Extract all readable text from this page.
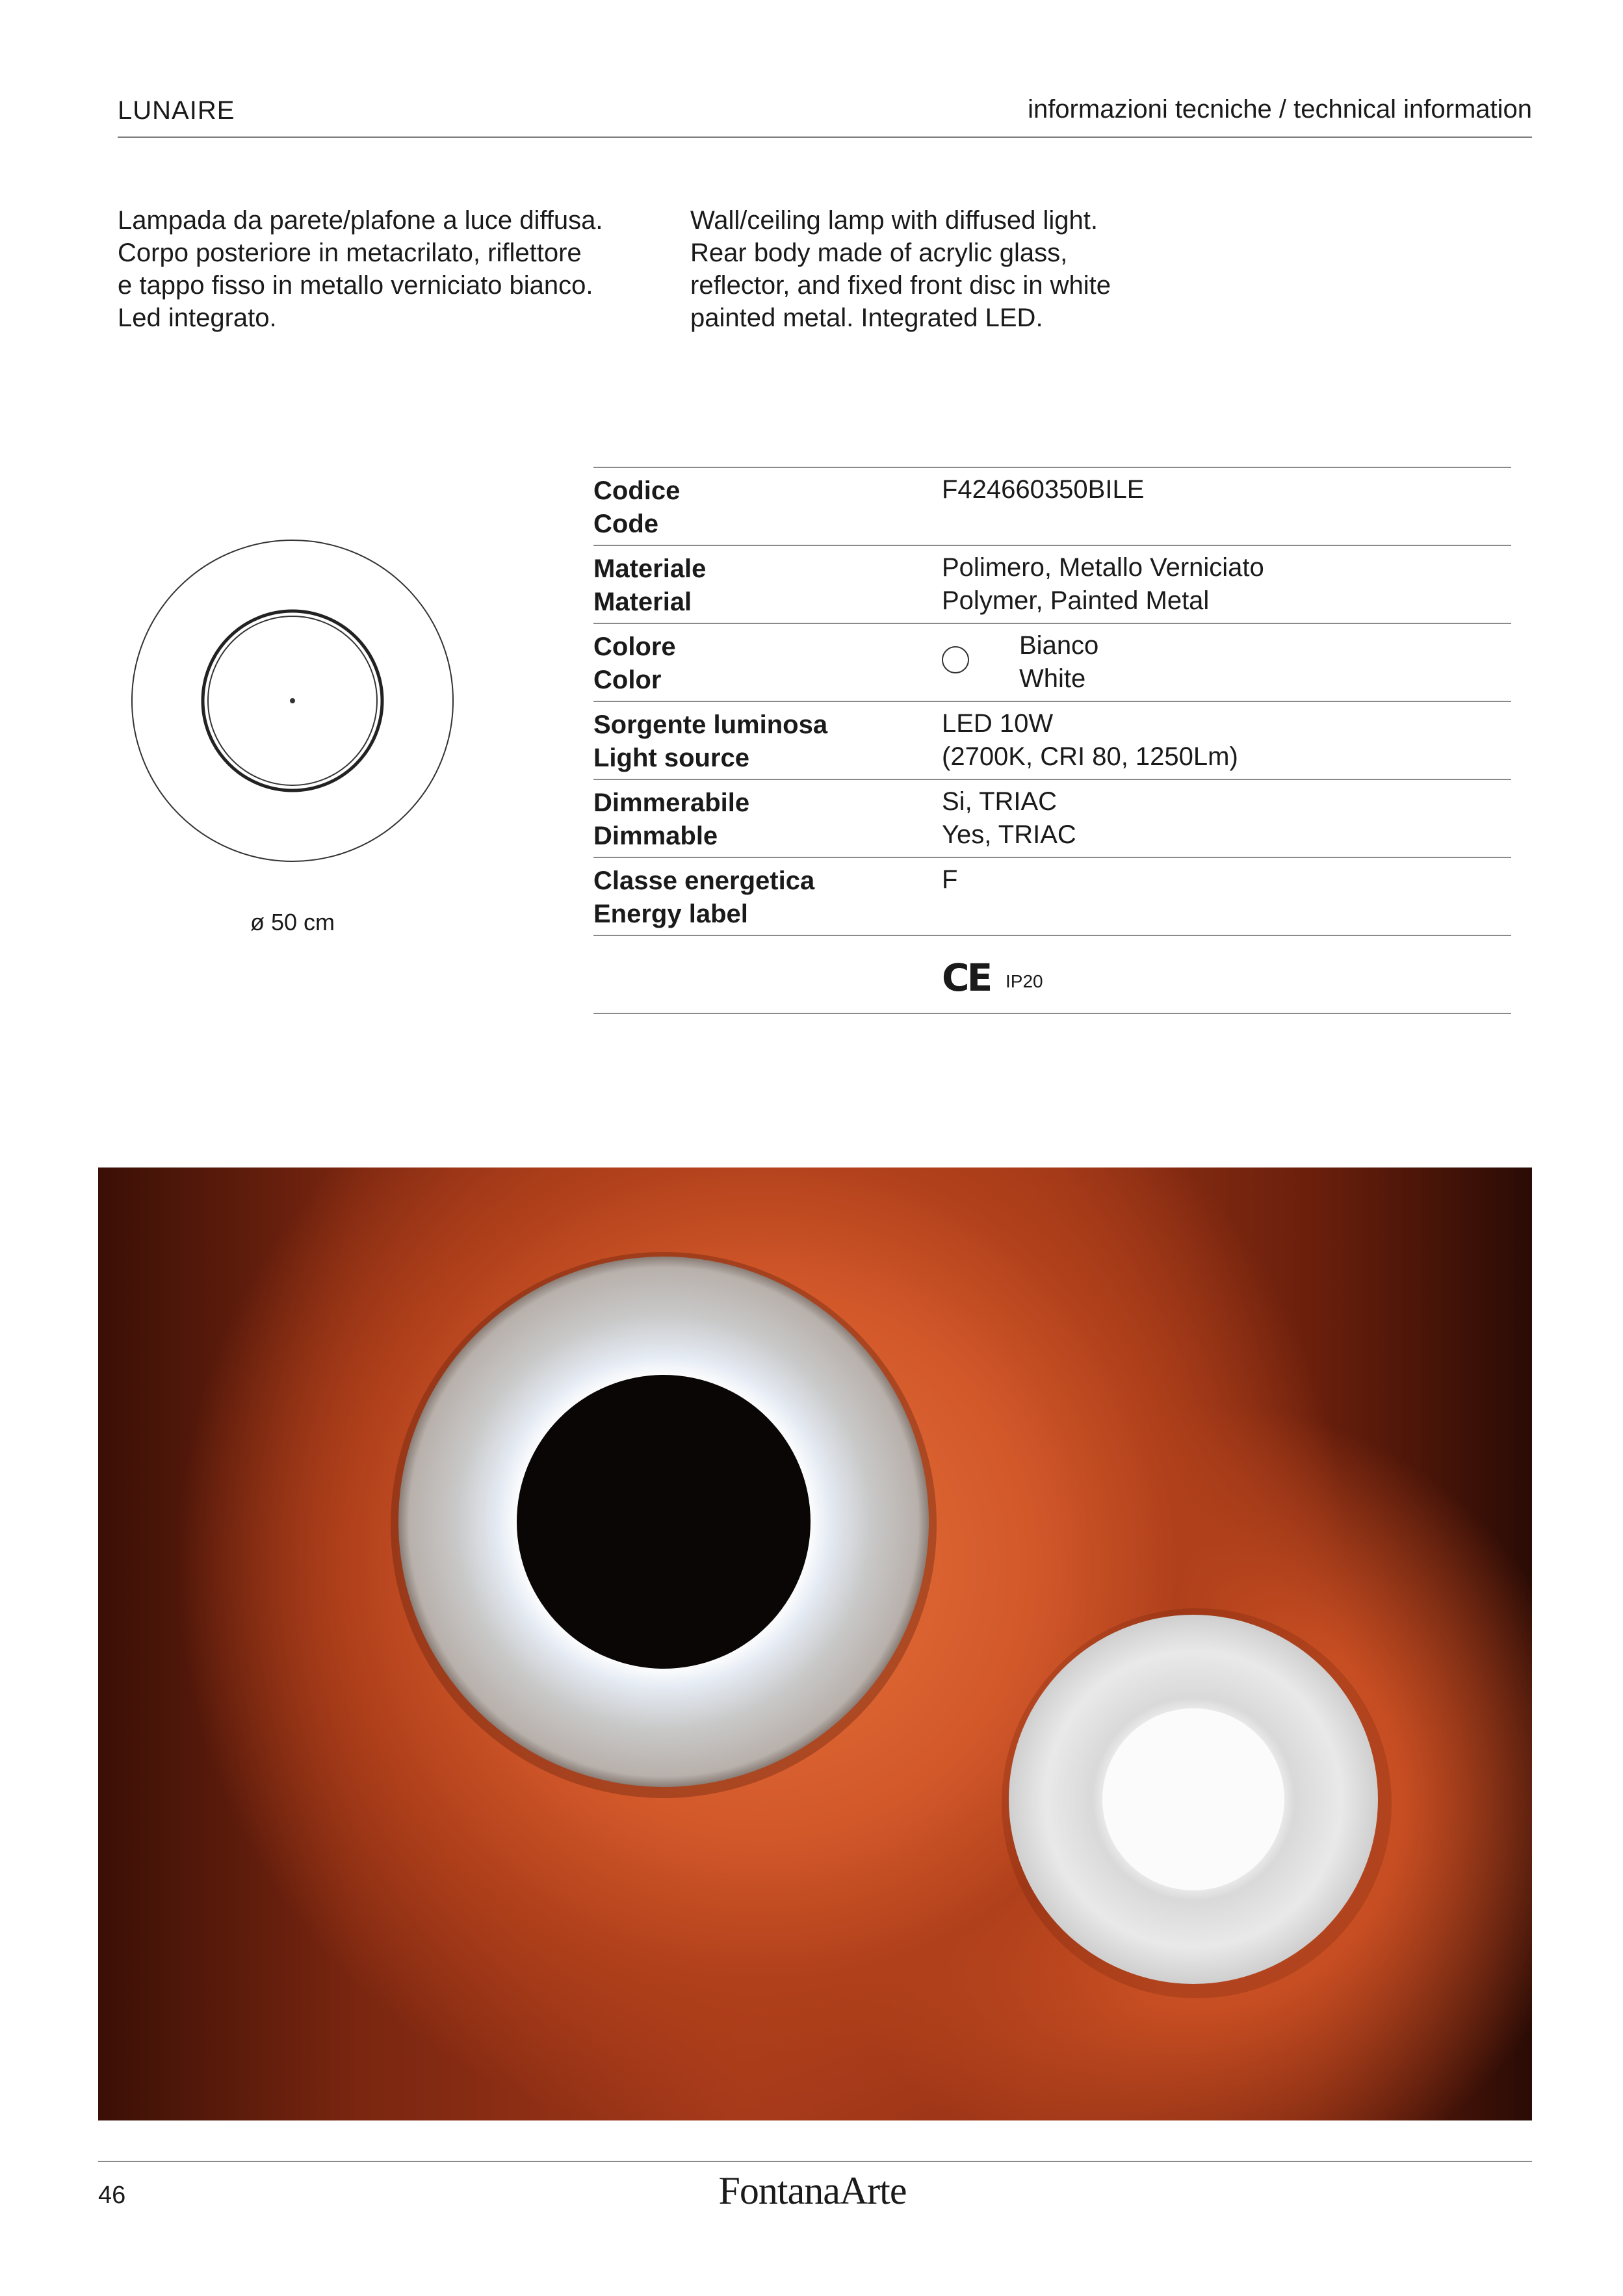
LUNAIRE	informazioni tecniche / technical information

Lampada da parete/plafone a luce diffusa.

Corpo posteriore in metacrilato, riflettore

e tappo fisso in metallo verniciato bianco.

Led integrato.

Wall/ceiling lamp with diffused light.

Rear body made of acrylic glass,

reflector, and fixed front disc in white

painted metal. Integrated LED.

ø 50 cm
Codice
Code
F424660350BILE
Materiale
Material
Polimero, Metallo Verniciato
Polymer, Painted Metal
Colore
Color
Bianco
White
Sorgente luminosa
Light source
LED 10W
(2700K, CRI 80, 1250Lm)
Dimmerabile
Dimmable
Si, TRIAC
Yes, TRIAC
Classe energetica
Energy label
F
CE IP20
46	FontanaArte
